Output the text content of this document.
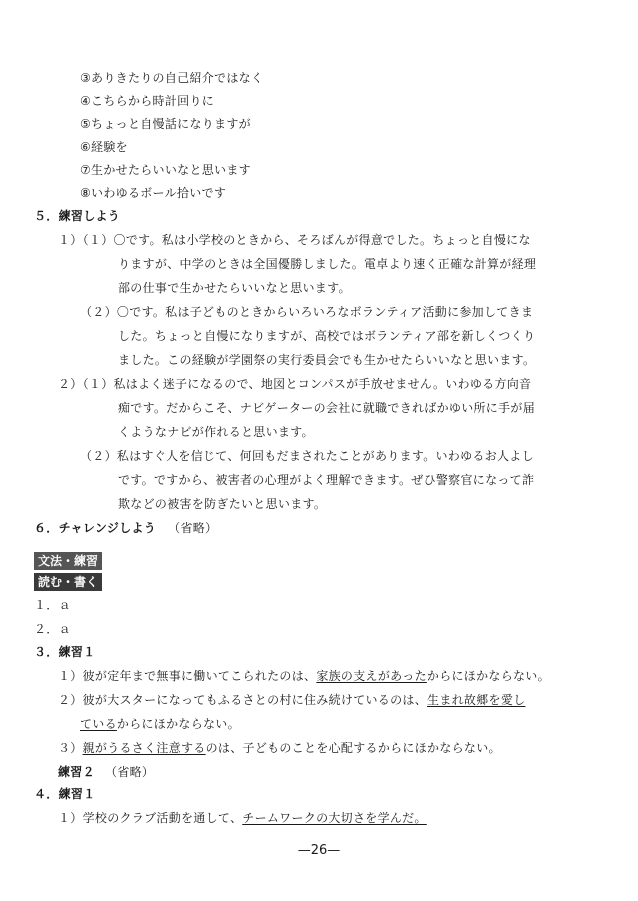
③ありきたりの自己紹介ではなく
④こちらから時計回りに
⑤ちょっと自慢話になりますが
⑥経験を
⑦生かせたらいいなと思います
⑧いわゆるボール拾いです
５．練習しよう
１）（１）〇です。私は小学校のときから、そろばんが得意でした。ちょっと自慢にな
りますが、中学のときは全国優勝しました。電卓より速く正確な計算が経理
部の仕事で生かせたらいいなと思います。
（２）〇です。私は子どものときからいろいろなボランティア活動に参加してきま
した。ちょっと自慢になりますが、高校ではボランティア部を新しくつくり
ました。この経験が学園祭の実行委員会でも生かせたらいいなと思います。
２）（１）私はよく迷子になるので、地図とコンパスが手放せません。いわゆる方向音
痴です。だからこそ、ナビゲーターの会社に就職できればかゆい所に手が届
くようなナビが作れると思います。
（２）私はすぐ人を信じて、何回もだまされたことがあります。いわゆるお人よし
です。ですから、被害者の心理がよく理解できます。ぜひ警察官になって詐
欺などの被害を防ぎたいと思います。
６．チャレンジしよう （省略）
文法・練習
読む・書く
１．ａ
２．ａ
３．練習１
１）彼が定年まで無事に働いてこられたのは、家族の支えがあったからにほかならない。
２）彼が大スターになってもふるさとの村に住み続けているのは、生まれ故郷を愛し
ているからにほかならない。
３）親がうるさく注意するのは、子どものことを心配するからにほかならない。
練習２ （省略）
４．練習１
１）学校のクラブ活動を通して、チームワークの大切さを学んだ。
—26—
